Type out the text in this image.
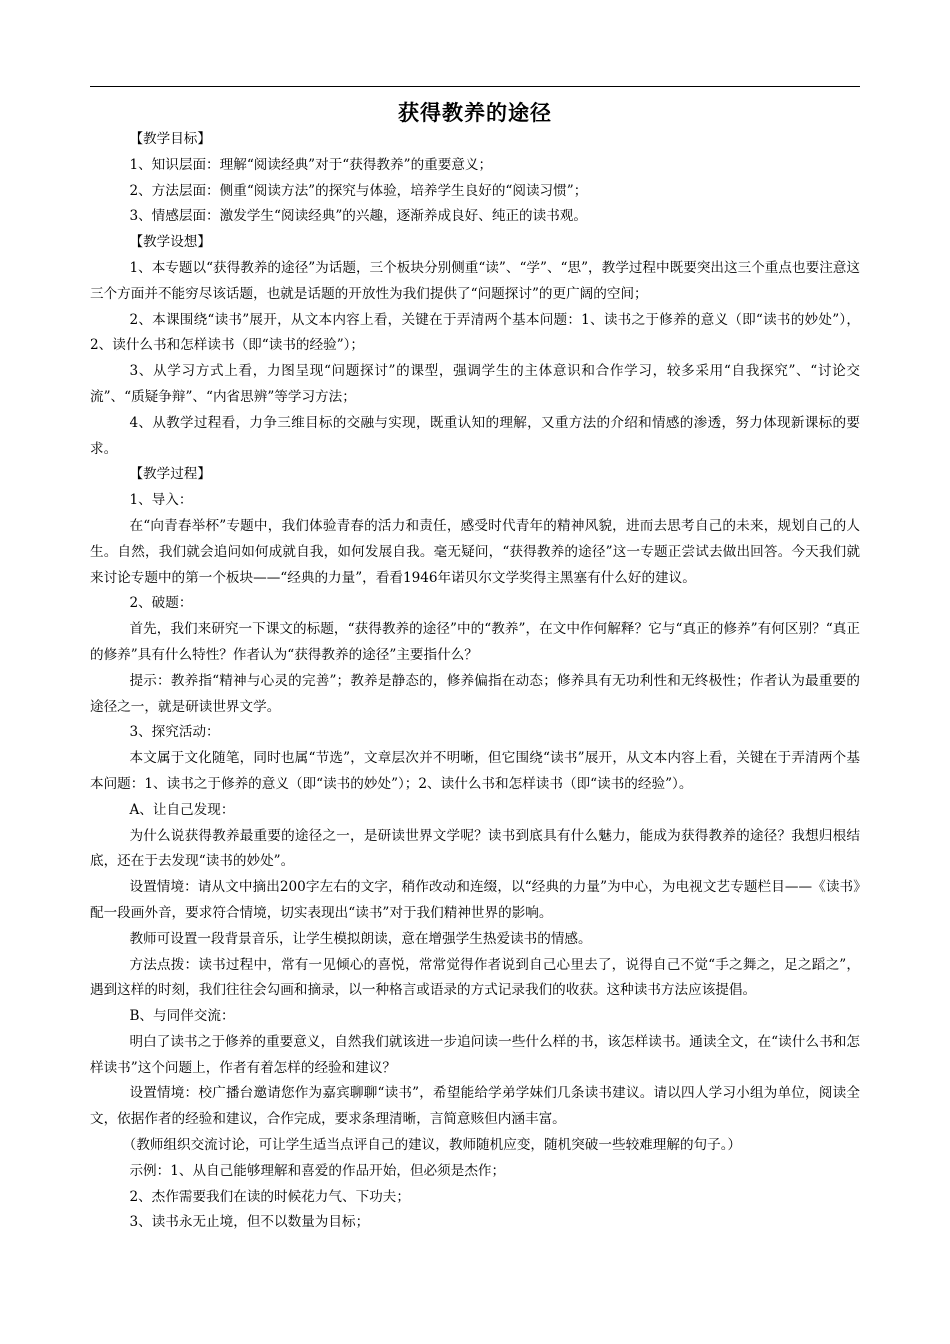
获得教养的途径

【教学目标】

1、知识层面：理解“阅读经典”对于“获得教养”的重要意义；

2、方法层面：侧重“阅读方法”的探究与体验，培养学生良好的“阅读习惯”；

3、情感层面：激发学生“阅读经典”的兴趣，逐渐养成良好、纯正的读书观。

【教学设想】

1、本专题以“获得教养的途径”为话题，三个板块分别侧重“读”、“学”、“思”，教学过程中既要突出这三个重点也要注意这三个方面并不能穷尽该话题，也就是话题的开放性为我们提供了“问题探讨”的更广阔的空间；

2、本课围绕“读书”展开，从文本内容上看，关键在于弄清两个基本问题：1、读书之于修养的意义（即“读书的妙处”），2、读什么书和怎样读书（即“读书的经验”）；

3、从学习方式上看，力图呈现“问题探讨”的课型，强调学生的主体意识和合作学习，较多采用“自我探究”、“讨论交流”、“质疑争辩”、“内省思辨”等学习方法；

4、从教学过程看，力争三维目标的交融与实现，既重认知的理解，又重方法的介绍和情感的渗透，努力体现新课标的要求。

【教学过程】

1、导入：

在“向青春举杯”专题中，我们体验青春的活力和责任，感受时代青年的精神风貌，进而去思考自己的未来，规划自己的人生。自然，我们就会追问如何成就自我，如何发展自我。毫无疑问，“获得教养的途径”这一专题正尝试去做出回答。今天我们就来讨论专题中的第一个板块——“经典的力量”，看看1946年诺贝尔文学奖得主黑塞有什么好的建议。

2、破题：

首先，我们来研究一下课文的标题，“获得教养的途径”中的“教养”，在文中作何解释？它与“真正的修养”有何区别？“真正的修养”具有什么特性？作者认为“获得教养的途径”主要指什么？

提示：教养指“精神与心灵的完善”；教养是静态的，修养偏指在动态；修养具有无功利性和无终极性；作者认为最重要的途径之一，就是研读世界文学。

3、探究活动：

本文属于文化随笔，同时也属“节选”，文章层次并不明晰，但它围绕“读书”展开，从文本内容上看，关键在于弄清两个基本问题：1、读书之于修养的意义（即“读书的妙处”）；2、读什么书和怎样读书（即“读书的经验”）。

A、让自己发现：

为什么说获得教养最重要的途径之一，是研读世界文学呢？读书到底具有什么魅力，能成为获得教养的途径？我想归根结底，还在于去发现“读书的妙处”。

设置情境：请从文中摘出200字左右的文字，稍作改动和连缀，以“经典的力量”为中心，为电视文艺专题栏目——《读书》配一段画外音，要求符合情境，切实表现出“读书”对于我们精神世界的影响。

教师可设置一段背景音乐，让学生模拟朗读，意在增强学生热爱读书的情感。

方法点拨：读书过程中，常有一见倾心的喜悦，常常觉得作者说到自己心里去了，说得自己不觉“手之舞之，足之蹈之”，遇到这样的时刻，我们往往会勾画和摘录，以一种格言或语录的方式记录我们的收获。这种读书方法应该提倡。

B、与同伴交流：

明白了读书之于修养的重要意义，自然我们就该进一步追问读一些什么样的书，该怎样读书。通读全文，在“读什么书和怎样读书”这个问题上，作者有着怎样的经验和建议？

设置情境：校广播台邀请您作为嘉宾聊聊“读书”，希望能给学弟学妹们几条读书建议。请以四人学习小组为单位，阅读全文，依据作者的经验和建议，合作完成，要求条理清晰，言简意赅但内涵丰富。

（教师组织交流讨论，可让学生适当点评自己的建议，教师随机应变，随机突破一些较难理解的句子。）

示例：1、从自己能够理解和喜爱的作品开始，但必须是杰作；

2、杰作需要我们在读的时候花力气、下功夫；

3、读书永无止境，但不以数量为目标；
